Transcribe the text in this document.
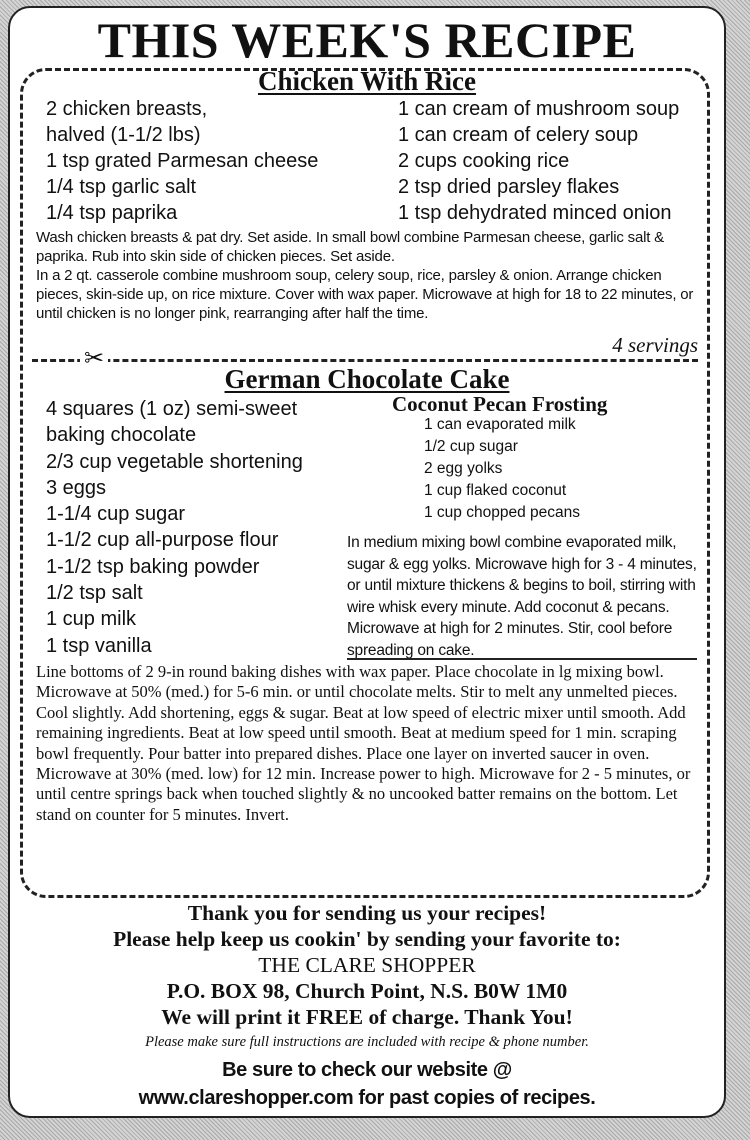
THIS WEEK'S RECIPE
Chicken With Rice
2 chicken breasts,
halved (1-1/2 lbs)
1 tsp grated Parmesan cheese
1/4 tsp garlic salt
1/4 tsp paprika
1 can cream of mushroom soup
1 can cream of celery soup
2 cups cooking rice
2 tsp dried parsley flakes
1 tsp dehydrated minced onion

Wash chicken breasts & pat dry. Set aside. In small bowl combine Parmesan cheese, garlic salt & paprika. Rub into skin side of chicken pieces. Set aside.

In a 2 qt. casserole combine mushroom soup, celery soup, rice, parsley & onion. Arrange chicken pieces, skin-side up, on rice mixture. Cover with wax paper. Microwave at high for 18 to 22 minutes, or until chicken is no longer pink, rearranging after half the time.

4 servings
✂
German Chocolate Cake
4 squares (1 oz) semi-sweet
baking chocolate
2/3 cup vegetable shortening
3 eggs
1-1/4 cup sugar
1-1/2 cup all-purpose flour
1-1/2 tsp baking powder
1/2 tsp salt
1 cup milk
1 tsp vanilla
Coconut Pecan Frosting
1 can evaporated milk
1/2 cup sugar
2 egg yolks
1 cup flaked coconut
1 cup chopped pecans
In medium mixing bowl combine evaporated milk, sugar & egg yolks. Microwave high for 3 - 4 minutes, or until mixture thickens & begins to boil, stirring with wire whisk every minute. Add coconut & pecans. Microwave at high for 2 minutes. Stir, cool before spreading on cake.
Line bottoms of 2 9-in round baking dishes with wax paper. Place chocolate in lg mixing bowl. Microwave at 50% (med.) for 5-6 min. or until chocolate melts. Stir to melt any unmelted pieces. Cool slightly. Add shortening, eggs & sugar. Beat at low speed of electric mixer until smooth. Add remaining ingredients. Beat at low speed until smooth. Beat at medium speed for 1 min. scraping bowl frequently. Pour batter into prepared dishes. Place one layer on inverted saucer in oven. Microwave at 30% (med. low) for 12 min. Increase power to high. Microwave for 2 - 5 minutes, or until centre springs back when touched slightly & no uncooked batter remains on the bottom. Let stand on counter for 5 minutes. Invert.
Thank you for sending us your recipes!
Please help keep us cookin' by sending your favorite to:
THE CLARE SHOPPER
P.O. BOX 98, Church Point, N.S. B0W 1M0
We will print it FREE of charge. Thank You!
Please make sure full instructions are included with recipe & phone number.
Be sure to check our website @
www.clareshopper.com for past copies of recipes.
